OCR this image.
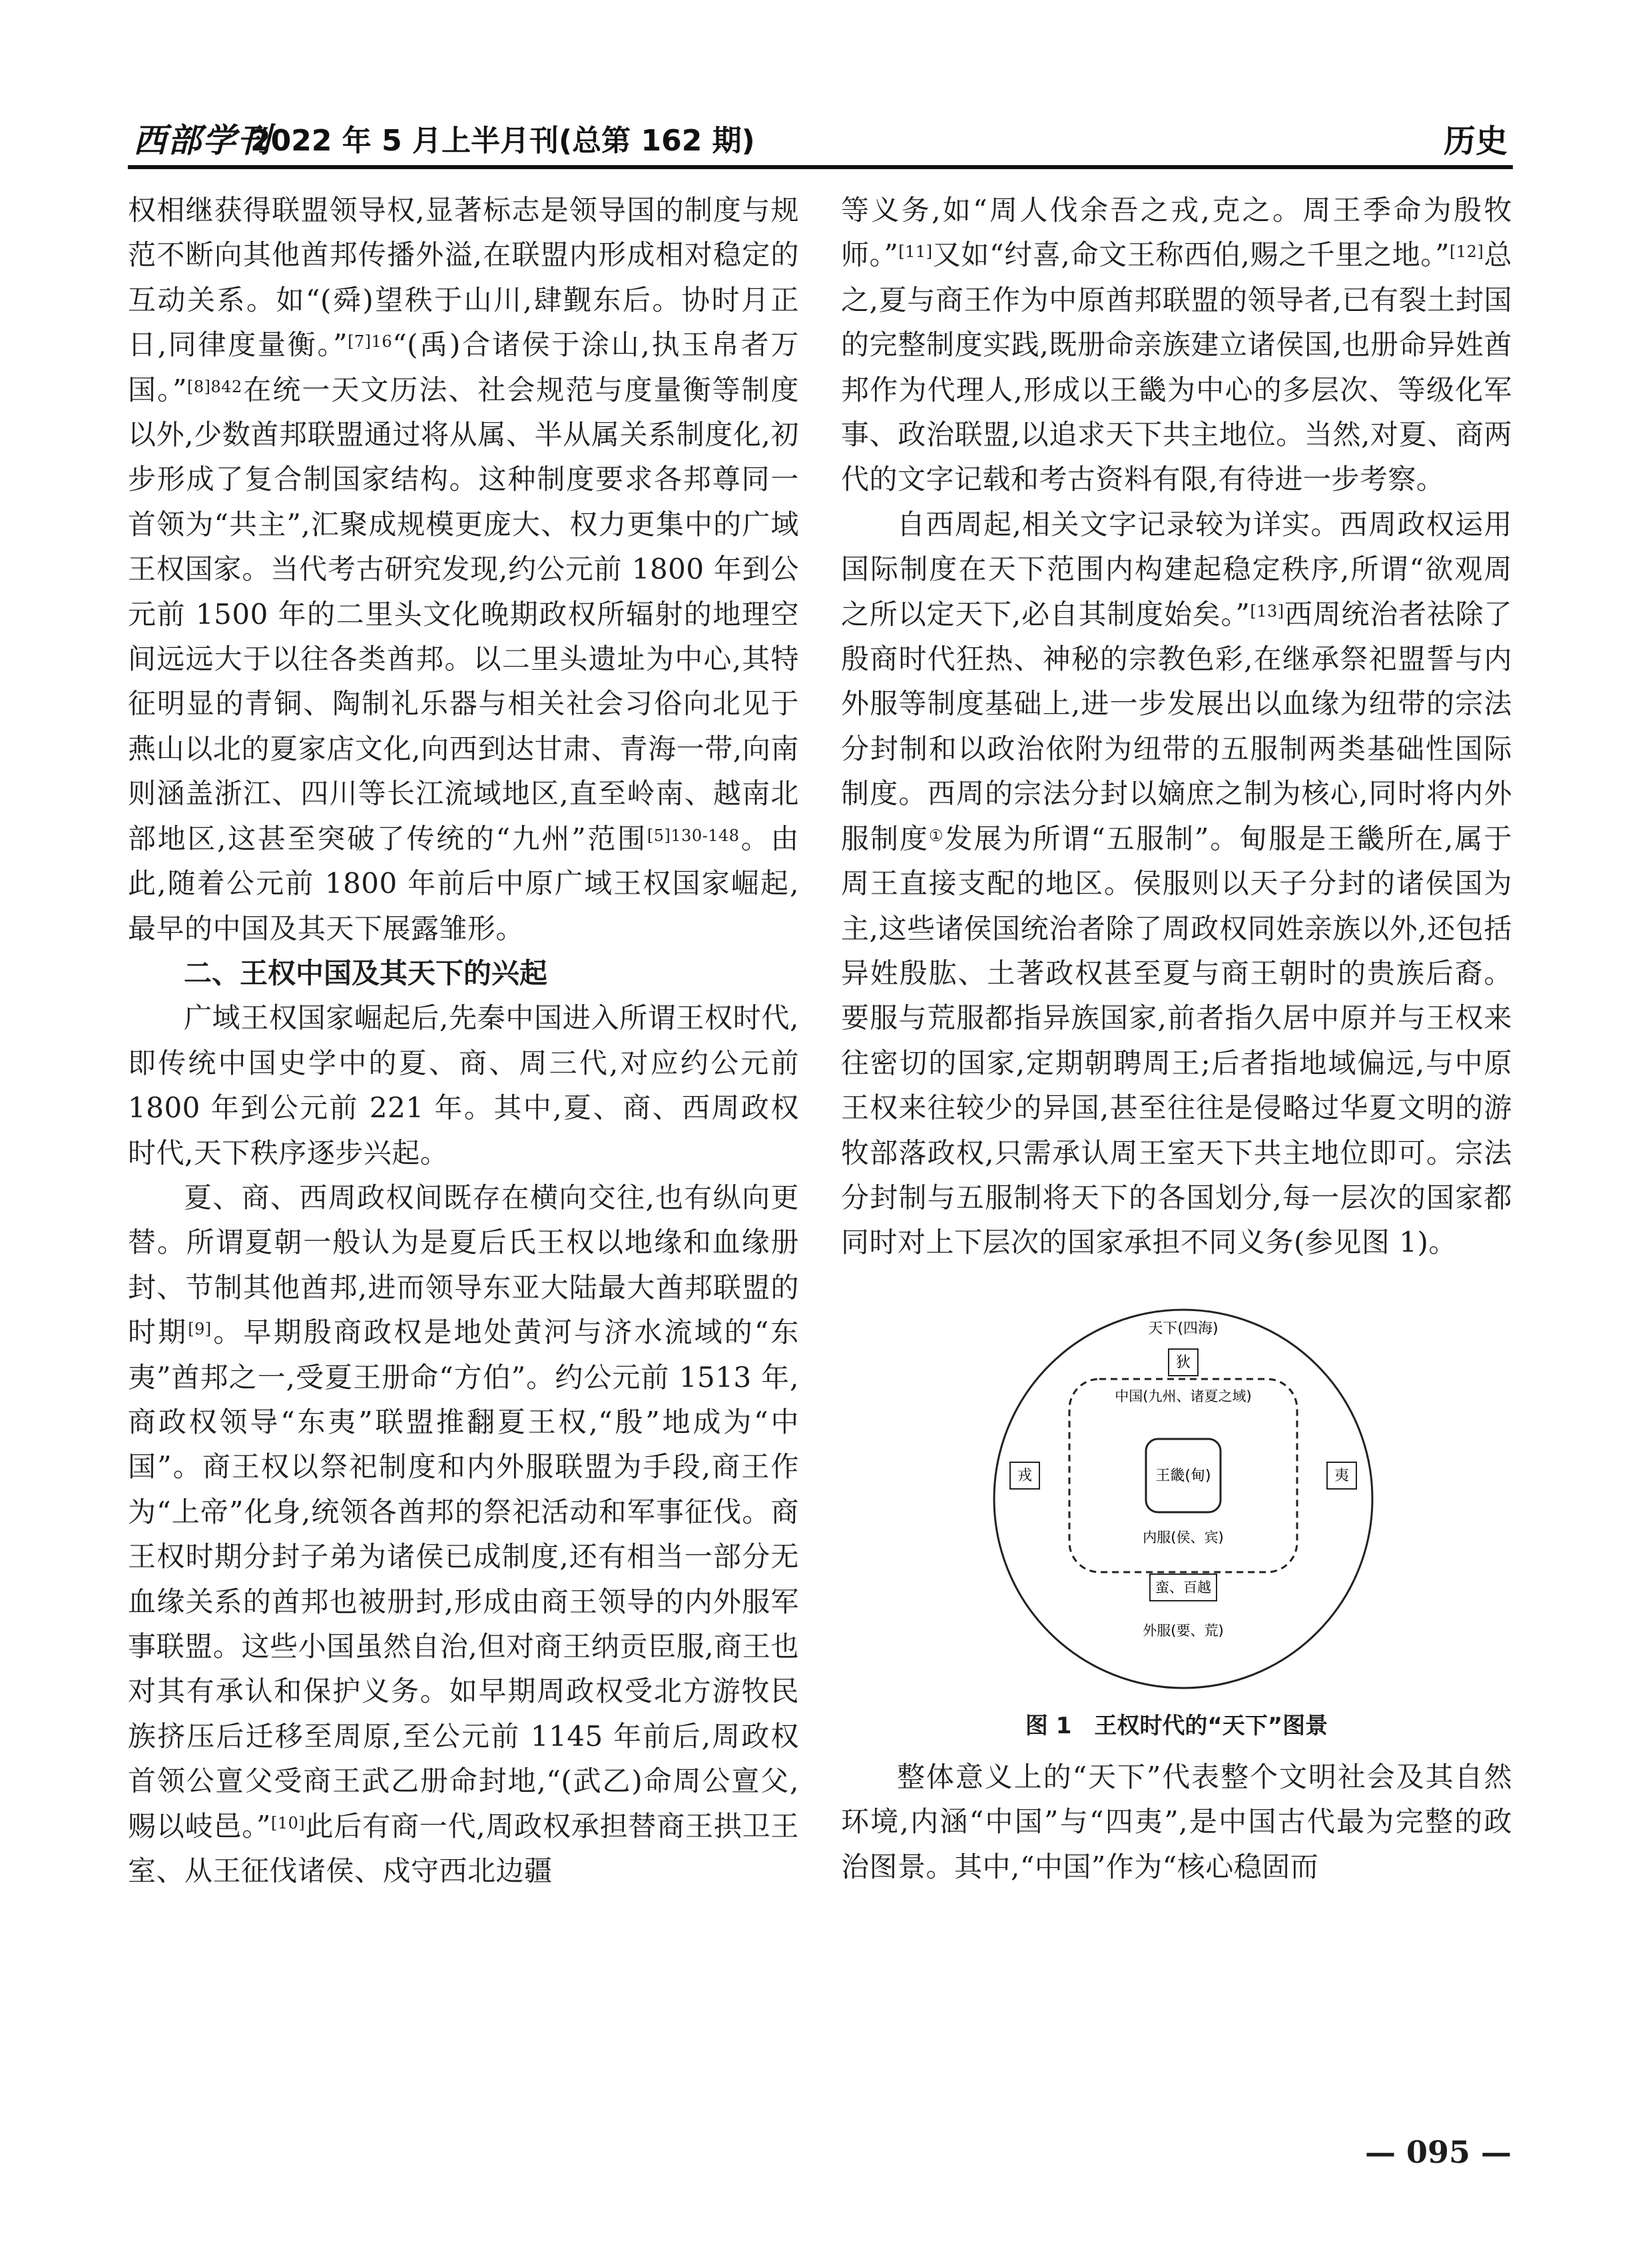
西部学刊
2022 年 5 月上半月刊(总第 162 期)	历史

权相继获得联盟领导权,显著标志是领导国的制度与规范不断向其他酋邦传播外溢,在联盟内形成相对稳定的互动关系。如“(舜)望秩于山川,肆觐东后。协时月正日,同律度量衡。”$^{[7]16}$“(禹)合诸侯于涂山,执玉帛者万国。”$^{[8]842}$在统一天文历法、社会规范与度量衡等制度以外,少数酋邦联盟通过将从属、半从属关系制度化,初步形成了复合制国家结构。这种制度要求各邦尊同一首领为“共主”,汇聚成规模更庞大、权力更集中的广域王权国家。当代考古研究发现,约公元前 1800 年到公元前 1500 年的二里头文化晚期政权所辐射的地理空间远远大于以往各类酋邦。以二里头遗址为中心,其特征明显的青铜、陶制礼乐器与相关社会习俗向北见于燕山以北的夏家店文化,向西到达甘肃、青海一带,向南则涵盖浙江、四川等长江流域地区,直至岭南、越南北部地区,这甚至突破了传统的“九州”范围$^{[5]130-148}$。由此,随着公元前 1800 年前后中原广域王权国家崛起,最早的中国及其天下展露雏形。

二、王权中国及其天下的兴起

广域王权国家崛起后,先秦中国进入所谓王权时代,即传统中国史学中的夏、商、周三代,对应约公元前 1800 年到公元前 221 年。其中,夏、商、西周政权时代,天下秩序逐步兴起。

夏、商、西周政权间既存在横向交往,也有纵向更替。所谓夏朝一般认为是夏后氏王权以地缘和血缘册封、节制其他酋邦,进而领导东亚大陆最大酋邦联盟的时期[9]。早期殷商政权是地处黄河与济水流域的“东夷”酋邦之一,受夏王册命“方伯”。约公元前 1513 年,商政权领导“东夷”联盟推翻夏王权,“殷”地成为“中国”。商王权以祭祀制度和内外服联盟为手段,商王作为“上帝”化身,统领各酋邦的祭祀活动和军事征伐。商王权时期分封子弟为诸侯已成制度,还有相当一部分无血缘关系的酋邦也被册封,形成由商王领导的内外服军事联盟。这些小国虽然自治,但对商王纳贡臣服,商王也对其有承认和保护义务。如早期周政权受北方游牧民族挤压后迁移至周原,至公元前 1145 年前后,周政权首领公亶父受商王武乙册命封地,“(武乙)命周公亶父,赐以岐邑。”[10]此后有商一代,周政权承担替商王拱卫王室、从王征伐诸侯、戍守西北边疆

等义务,如“周人伐余吾之戎,克之。周王季命为殷牧师。”[11]又如“纣喜,命文王称西伯,赐之千里之地。”[12]总之,夏与商王作为中原酋邦联盟的领导者,已有裂土封国的完整制度实践,既册命亲族建立诸侯国,也册命异姓酋邦作为代理人,形成以王畿为中心的多层次、等级化军事、政治联盟,以追求天下共主地位。当然,对夏、商两代的文字记载和考古资料有限,有待进一步考察。

自西周起,相关文字记录较为详实。西周政权运用国际制度在天下范围内构建起稳定秩序,所谓“欲观周之所以定天下,必自其制度始矣。”[13]西周统治者祛除了殷商时代狂热、神秘的宗教色彩,在继承祭祀盟誓与内外服等制度基础上,进一步发展出以血缘为纽带的宗法分封制和以政治依附为纽带的五服制两类基础性国际制度。西周的宗法分封以嫡庶之制为核心,同时将内外服制度①发展为所谓“五服制”。甸服是王畿所在,属于周王直接支配的地区。侯服则以天子分封的诸侯国为主,这些诸侯国统治者除了周政权同姓亲族以外,还包括异姓殷肱、土著政权甚至夏与商王朝时的贵族后裔。要服与荒服都指异族国家,前者指久居中原并与王权来往密切的国家,定期朝聘周王;后者指地域偏远,与中原王权来往较少的异国,甚至往往是侵略过华夏文明的游牧部落政权,只需承认周王室天下共主地位即可。宗法分封制与五服制将天下的各国划分,每一层次的国家都同时对上下层次的国家承担不同义务(参见图 1)。

天下(四海)
中国(九州、诸夏之域)
王畿(甸)
内服(侯、宾)
狄
戎	夷
蛮、百越
外服(要、荒)

图 1　王权时代的“天下”图景

整体意义上的“天下”代表整个文明社会及其自然环境,内涵“中国”与“四夷”,是中国古代最为完整的政治图景。其中,“中国”作为“核心稳固而

— 095 —
